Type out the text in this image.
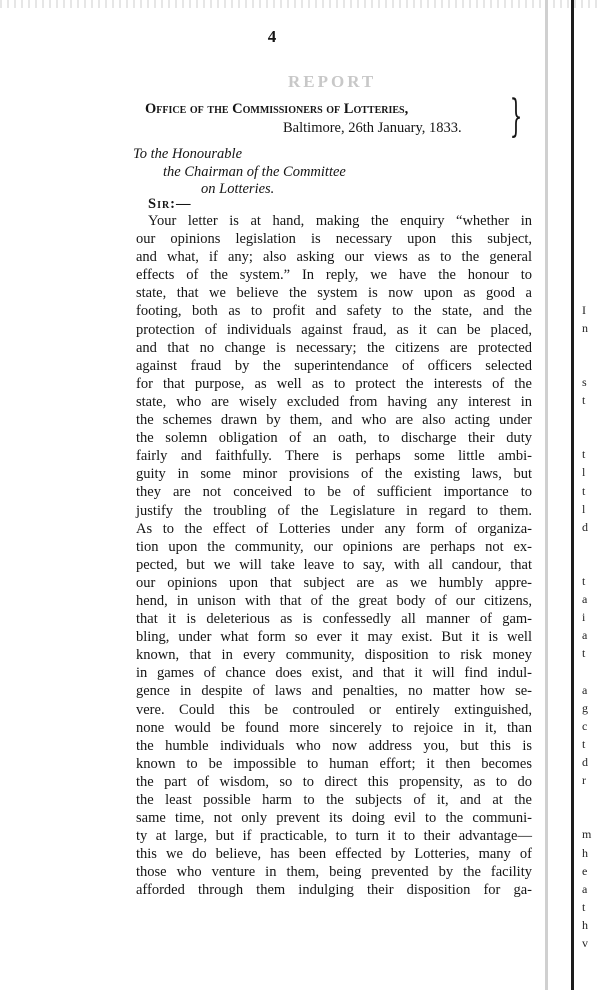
4
REPORT
Office of the Commissioners of Lotteries,
Baltimore, 26th January, 1833.	}
To the Honourable
the Chairman of the Committee
on Lotteries.
Sir:—
Your letter is at hand, making the enquiry “whether in
our opinions legislation is necessary upon this subject,
and what, if any; also asking our views as to the general
effects of the system.” In reply, we have the honour to
state, that we believe the system is now upon as good a
footing, both as to profit and safety to the state, and the
protection of individuals against fraud, as it can be placed,
and that no change is necessary; the citizens are protected
against fraud by the superintendance of officers selected
for that purpose, as well as to protect the interests of the
state, who are wisely excluded from having any interest in
the schemes drawn by them, and who are also acting under
the solemn obligation of an oath, to discharge their duty
fairly and faithfully. There is perhaps some little ambi-
guity in some minor provisions of the existing laws, but
they are not conceived to be of sufficient importance to
justify the troubling of the Legislature in regard to them.
As to the effect of Lotteries under any form of organiza-
tion upon the community, our opinions are perhaps not ex-
pected, but we will take leave to say, with all candour, that
our opinions upon that subject are as we humbly appre-
hend, in unison with that of the great body of our citizens,
that it is deleterious as is confessedly all manner of gam-
bling, under what form so ever it may exist. But it is well
known, that in every community, disposition to risk money
in games of chance does exist, and that it will find indul-
gence in despite of laws and penalties, no matter how se-
vere. Could this be controuled or entirely extinguished,
none would be found more sincerely to rejoice in it, than
the humble individuals who now address you, but this is
known to be impossible to human effort; it then becomes
the part of wisdom, so to direct this propensity, as to do
the least possible harm to the subjects of it, and at the
same time, not only prevent its doing evil to the communi-
ty at large, but if practicable, to turn it to their advantage—
this we do believe, has been effected by Lotteries, many of
those who venture in them, being prevented by the facility
afforded through them indulging their disposition for ga-
I
n
s
t
t
l
t
l
d
t
a
i
a
t
a
g
c
t
d
r
m
h
e
a
t
h
v
